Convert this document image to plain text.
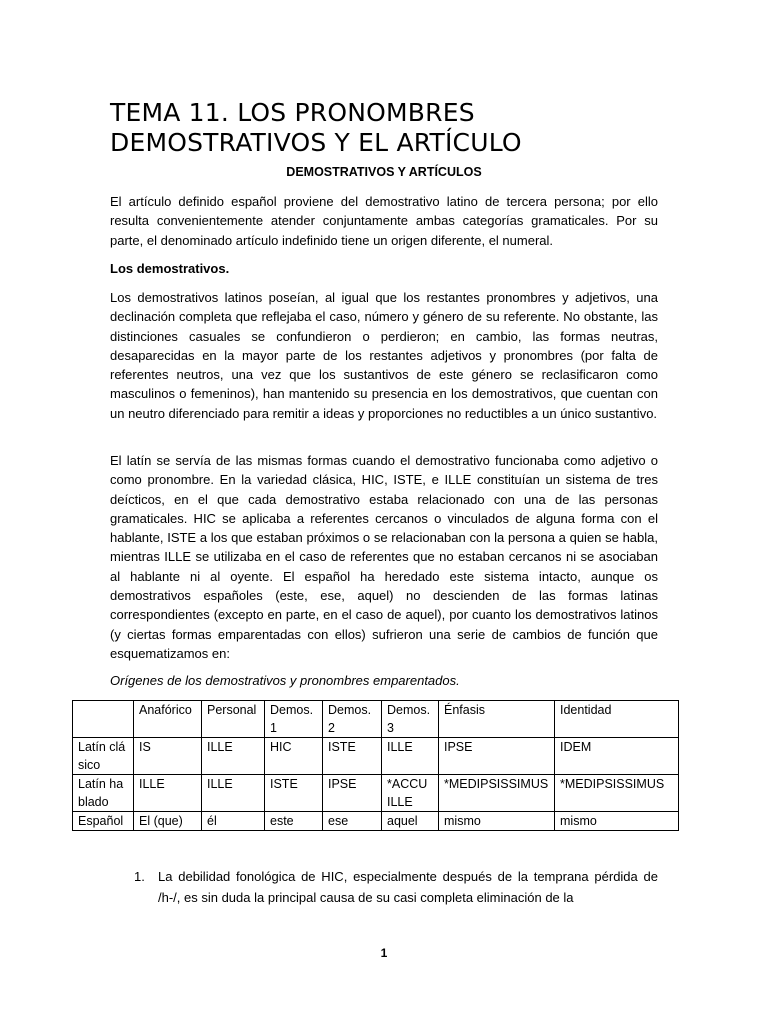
TEMA 11. LOS PRONOMBRES DEMOSTRATIVOS Y EL ARTÍCULO
DEMOSTRATIVOS Y ARTÍCULOS

El artículo definido español proviene del demostrativo latino de tercera persona; por ello resulta convenientemente atender conjuntamente ambas categorías gramaticales. Por su parte, el denominado artículo indefinido tiene un origen diferente, el numeral.

Los demostrativos.

Los demostrativos latinos poseían, al igual que los restantes pronombres y adjetivos, una declinación completa que reflejaba el caso, número y género de su referente. No obstante, las distinciones casuales se confundieron o perdieron; en cambio, las formas neutras, desaparecidas en la mayor parte de los restantes adjetivos y pronombres (por falta de referentes neutros, una vez que los sustantivos de este género se reclasificaron como masculinos o femeninos), han mantenido su presencia en los demostrativos, que cuentan con un neutro diferenciado para remitir a ideas y proporciones no reductibles a un único sustantivo.

El latín se servía de las mismas formas cuando el demostrativo funcionaba como adjetivo o como pronombre. En la variedad clásica, HIC, ISTE, e ILLE constituían un sistema de tres deícticos, en el que cada demostrativo estaba relacionado con una de las personas gramaticales. HIC se aplicaba a referentes cercanos o vinculados de alguna forma con el hablante, ISTE a los que estaban próximos o se relacionaban con la persona a quien se habla, mientras ILLE se utilizaba en el caso de referentes que no estaban cercanos ni se asociaban al hablante ni al oyente. El español ha heredado este sistema intacto, aunque os demostrativos españoles (este, ese, aquel) no descienden de las formas latinas correspondientes (excepto en parte, en el caso de aquel), por cuanto los demostrativos latinos (y ciertas formas emparentadas con ellos) sufrieron una serie de cambios de función que esquematizamos en:

Orígenes de los demostrativos y pronombres emparentados.

	Anafórico	Personal	Demos. 1	Demos. 2	Demos. 3	Énfasis	Identidad
Latín clásico	IS	ILLE	HIC	ISTE	ILLE	IPSE	IDEM
Latín hablado	ILLE	ILLE	ISTE	IPSE	*ACCU ILLE	*MEDIPSISSIMUS	*MEDIPSISSIMUS
Español	El (que)	él	este	ese	aquel	mismo	mismo
1. La debilidad fonológica de HIC, especialmente después de la temprana pérdida de /h-/, es sin duda la principal causa de su casi completa eliminación de la
1
